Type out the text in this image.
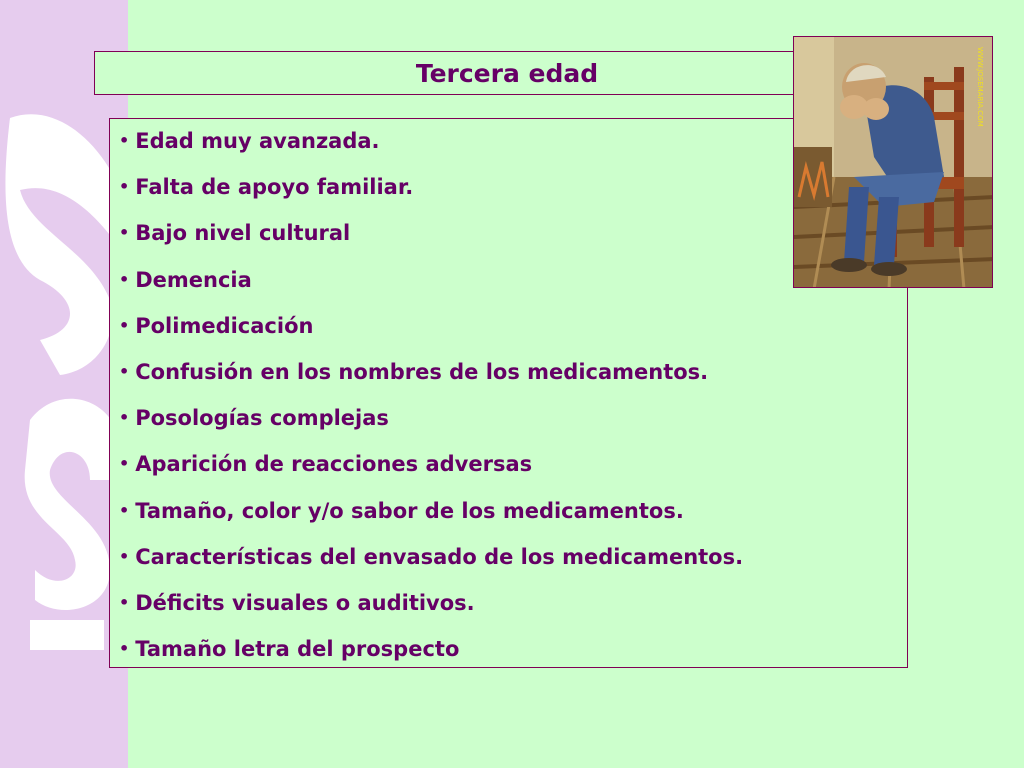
Tercera edad
• Edad muy avanzada.
• Falta de apoyo familiar.
• Bajo nivel cultural
• Demencia
• Polimedicación
• Confusión en los nombres de los medicamentos.
• Posologías complejas
• Aparición de reacciones adversas
• Tamaño, color y/o sabor de los medicamentos.
• Características del envasado de los medicamentos.
• Déficits visuales o auditivos.
• Tamaño letra del prospecto
WWW.JOSEMARIA.COM
